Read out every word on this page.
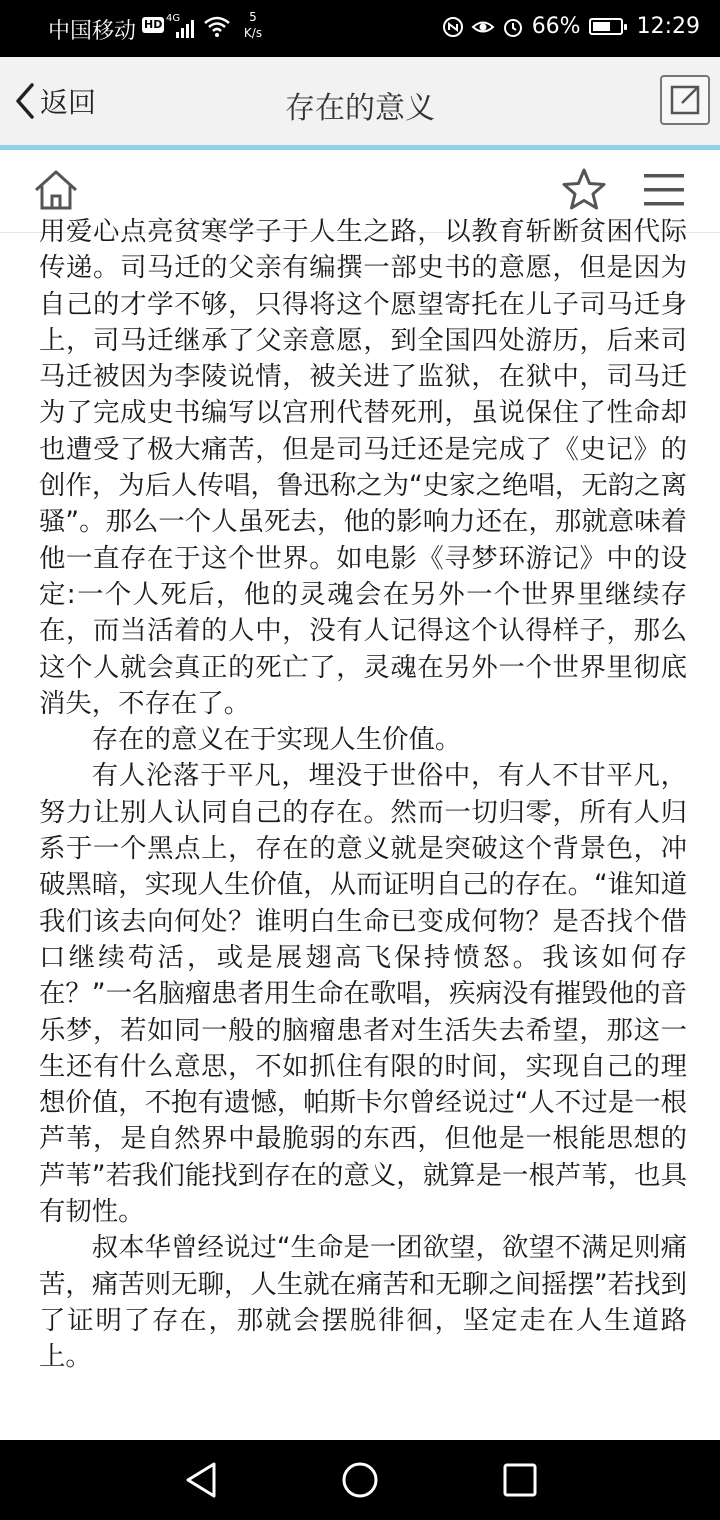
中国移动 HD 4G	5
K/s	66%	12:29
返回	存在的意义

用爱心点亮贫寒学子于人生之路，以教育斩断贫困代际传递。司马迁的父亲有编撰一部史书的意愿，但是因为自己的才学不够，只得将这个愿望寄托在儿子司马迁身上，司马迁继承了父亲意愿，到全国四处游历，后来司马迁被因为李陵说情，被关进了监狱，在狱中，司马迁为了完成史书编写以宫刑代替死刑，虽说保住了性命却也遭受了极大痛苦，但是司马迁还是完成了《史记》的创作，为后人传唱，鲁迅称之为“史家之绝唱，无韵之离骚”。那么一个人虽死去，他的影响力还在，那就意味着他一直存在于这个世界。如电影《寻梦环游记》中的设定:一个人死后，他的灵魂会在另外一个世界里继续存在，而当活着的人中，没有人记得这个认得样子，那么这个人就会真正的死亡了，灵魂在另外一个世界里彻底消失，不存在了。

存在的意义在于实现人生价值。

有人沦落于平凡，埋没于世俗中，有人不甘平凡，努力让别人认同自己的存在。然而一切归零，所有人归系于一个黑点上，存在的意义就是突破这个背景色，冲破黑暗，实现人生价值，从而证明自己的存在。“谁知道我们该去向何处？谁明白生命已变成何物？是否找个借口继续苟活，或是展翅高飞保持愤怒。我该如何存在？”一名脑瘤患者用生命在歌唱，疾病没有摧毁他的音乐梦，若如同一般的脑瘤患者对生活失去希望，那这一生还有什么意思，不如抓住有限的时间，实现自己的理想价值，不抱有遗憾，帕斯卡尔曾经说过“人不过是一根芦苇，是自然界中最脆弱的东西，但他是一根能思想的芦苇”若我们能找到存在的意义，就算是一根芦苇，也具有韧性。

叔本华曾经说过“生命是一团欲望，欲望不满足则痛苦，痛苦则无聊，人生就在痛苦和无聊之间摇摆”若找到了证明了存在，那就会摆脱徘徊，坚定走在人生道路上。
